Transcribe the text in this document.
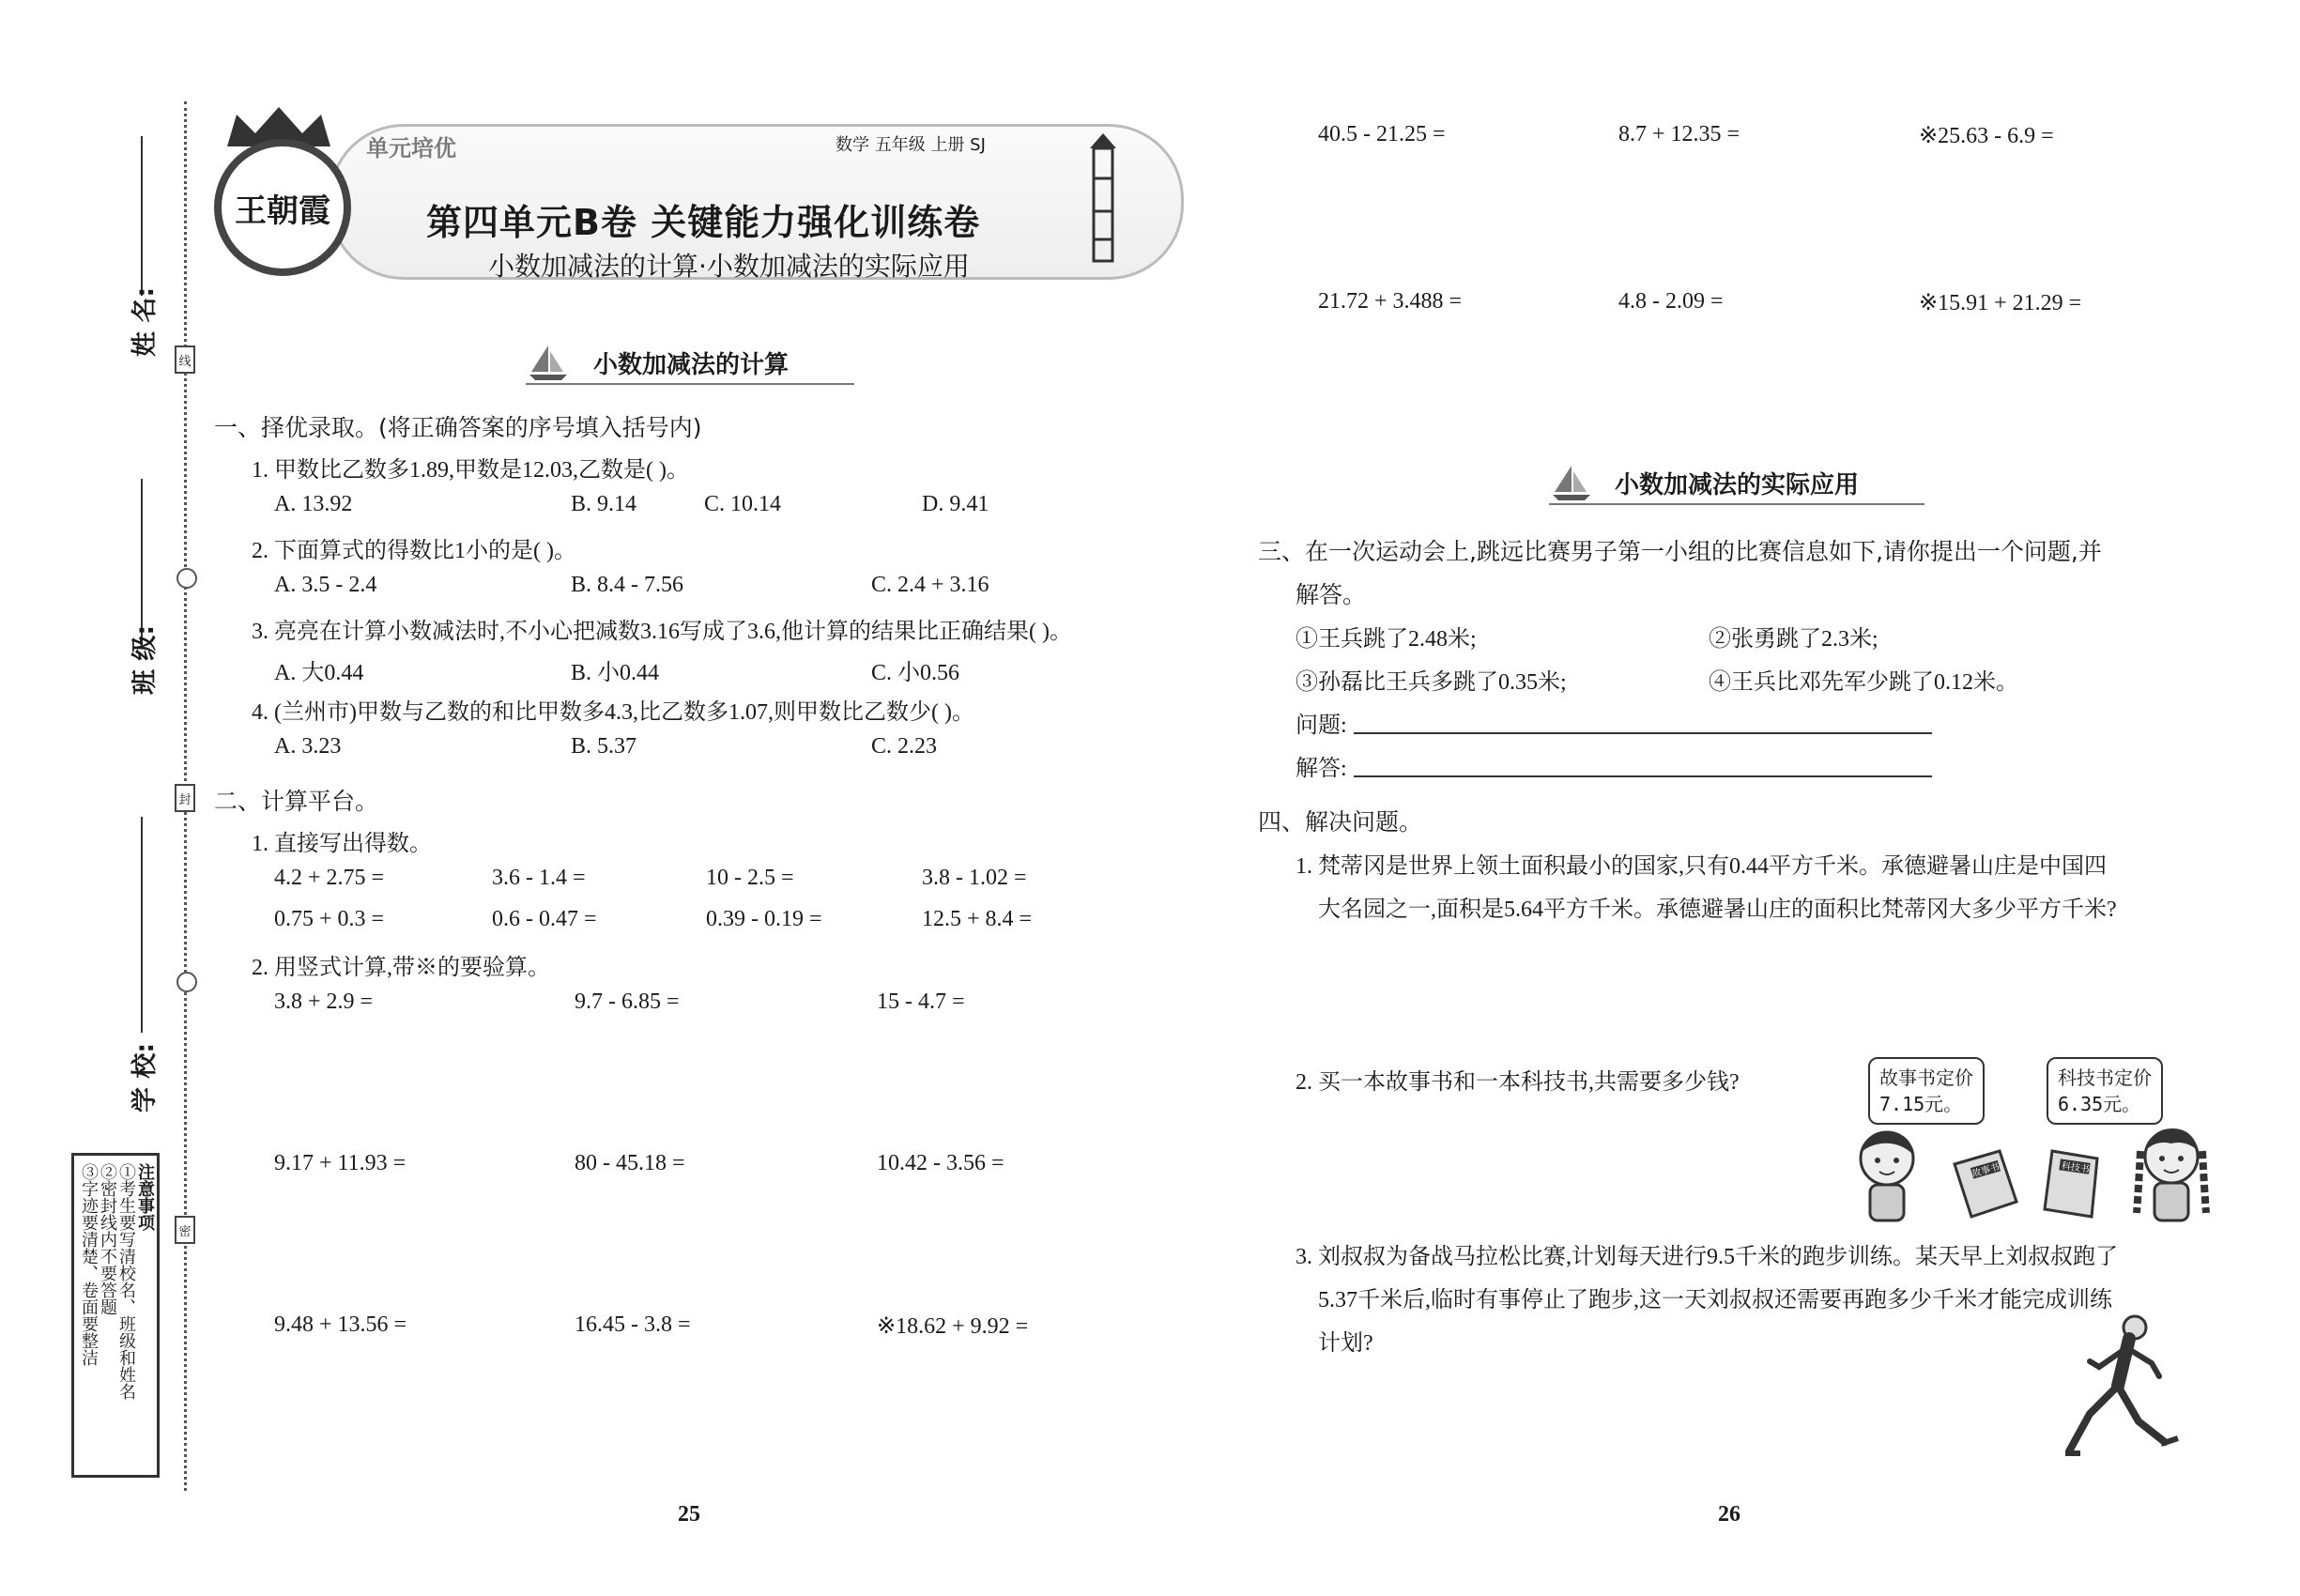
姓 名:
班 级:
学 校:
线
封
密
注意事项
①考生要写清校名、班级和姓名
②密封线内不要答题
③字迹要清楚、卷面要整洁
王朝霞
单元培优	数学 五年级 上册 SJ
第四单元B卷 关键能力强化训练卷
小数加减法的计算·小数加减法的实际应用
小数加减法的计算
一、择优录取。(将正确答案的序号填入括号内)
1. 甲数比乙数多1.89,甲数是12.03,乙数是( )。
A. 13.92	B. 9.14	C. 10.14	D. 9.41
2. 下面算式的得数比1小的是( )。
A. 3.5 - 2.4	B. 8.4 - 7.56	C. 2.4 + 3.16
3. 亮亮在计算小数减法时,不小心把减数3.16写成了3.6,他计算的结果比正确结果( )。
A. 大0.44	B. 小0.44	C. 小0.56
4. (兰州市)甲数与乙数的和比甲数多4.3,比乙数多1.07,则甲数比乙数少( )。
A. 3.23	B. 5.37	C. 2.23
二、计算平台。
1. 直接写出得数。
4.2 + 2.75 =	3.6 - 1.4 =	10 - 2.5 =	3.8 - 1.02 =
0.75 + 0.3 =	0.6 - 0.47 =	0.39 - 0.19 =	12.5 + 8.4 =
2. 用竖式计算,带※的要验算。
3.8 + 2.9 =	9.7 - 6.85 =	15 - 4.7 =
9.17 + 11.93 =	80 - 45.18 =	10.42 - 3.56 =
9.48 + 13.56 =	16.45 - 3.8 =	※18.62 + 9.92 =
25
40.5 - 21.25 =	8.7 + 12.35 =	※25.63 - 6.9 =
21.72 + 3.488 =	4.8 - 2.09 =	※15.91 + 21.29 =
小数加减法的实际应用
三、在一次运动会上,跳远比赛男子第一小组的比赛信息如下,请你提出一个问题,并
解答。
①王兵跳了2.48米;	②张勇跳了2.3米;
③孙磊比王兵多跳了0.35米;	④王兵比邓先军少跳了0.12米。
问题:
解答:
四、解决问题。
1. 梵蒂冈是世界上领土面积最小的国家,只有0.44平方千米。承德避暑山庄是中国四
大名园之一,面积是5.64平方千米。承德避暑山庄的面积比梵蒂冈大多少平方千米?
2. 买一本故事书和一本科技书,共需要多少钱?	故事书定价
7.15元。
科技书定价
6.35元。
故事书	科技书
3. 刘叔叔为备战马拉松比赛,计划每天进行9.5千米的跑步训练。某天早上刘叔叔跑了
5.37千米后,临时有事停止了跑步,这一天刘叔叔还需要再跑多少千米才能完成训练
计划?
26
